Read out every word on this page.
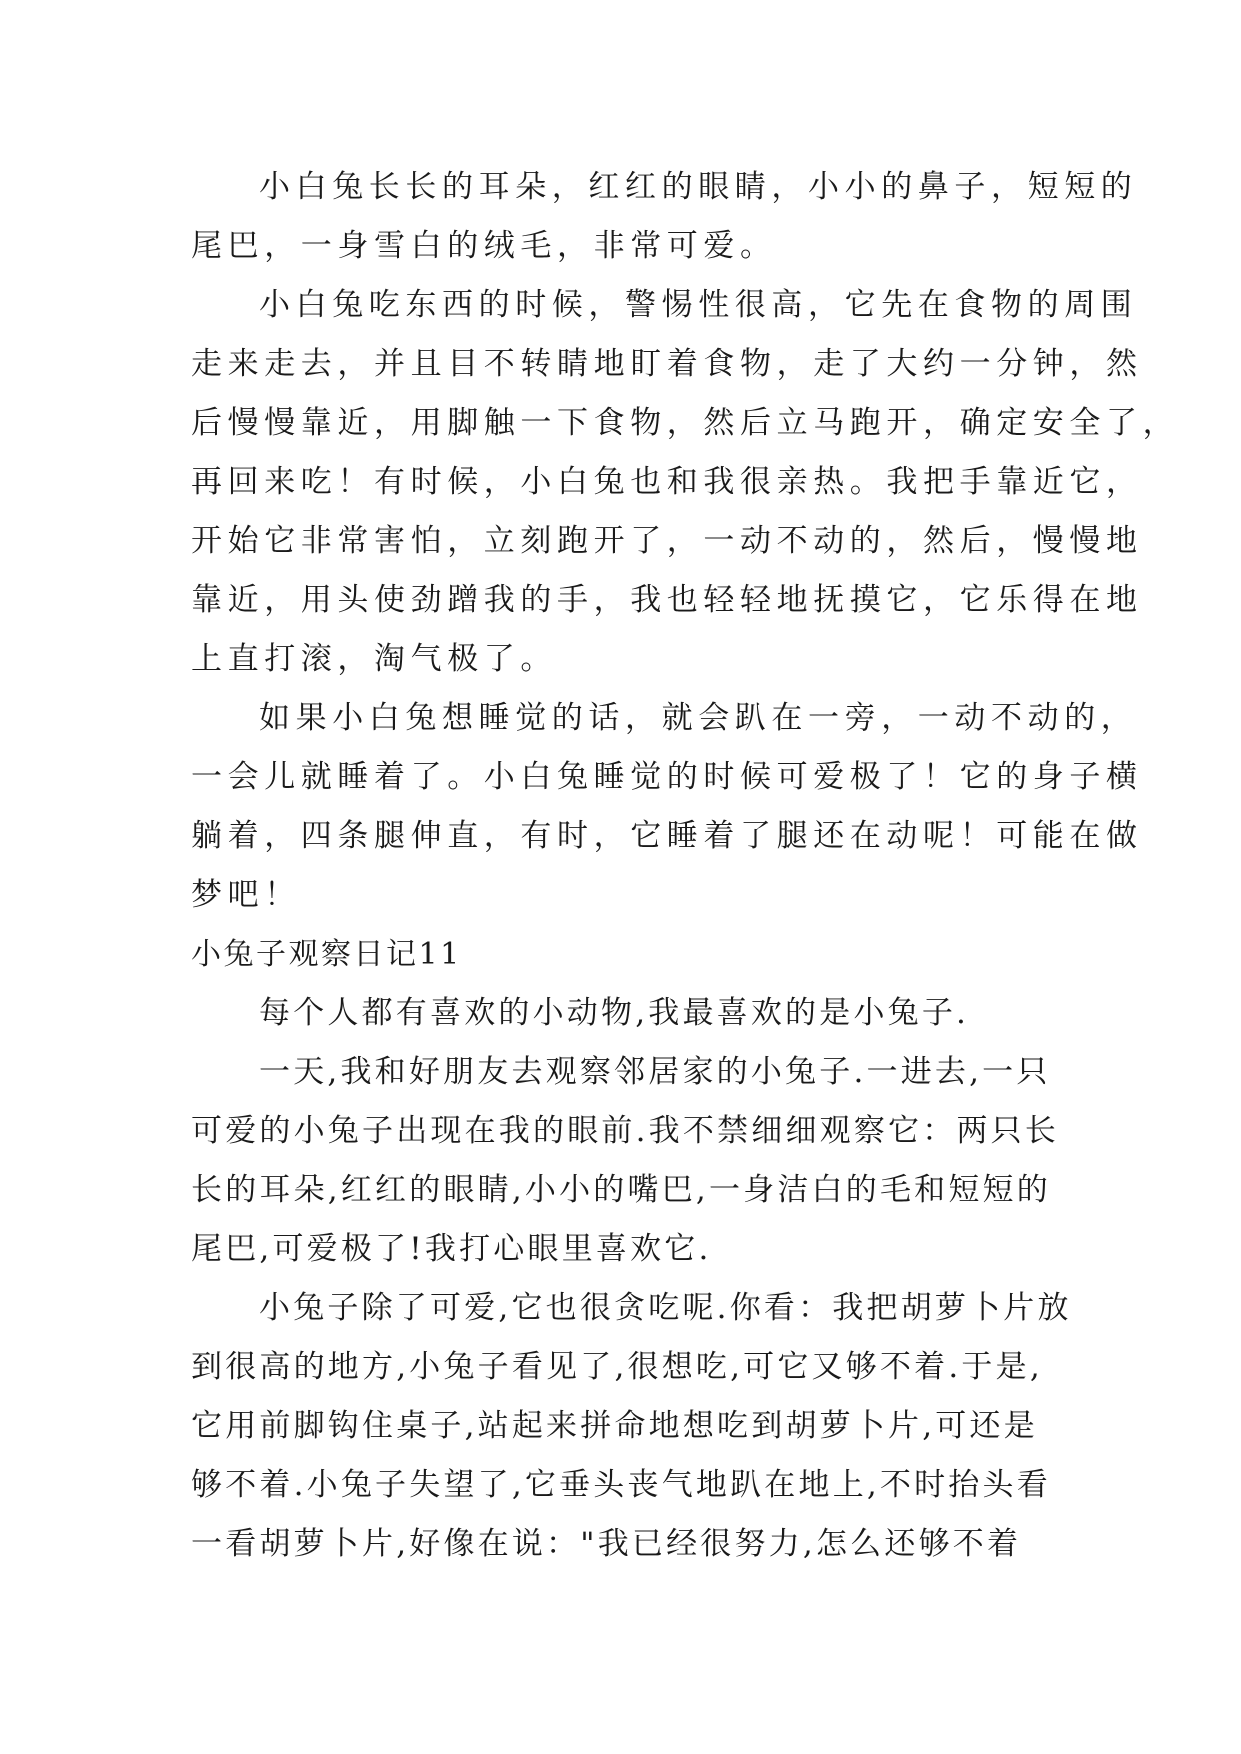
小白兔长长的耳朵，红红的眼睛，小小的鼻子，短短的
尾巴，一身雪白的绒毛，非常可爱。
小白兔吃东西的时候，警惕性很高，它先在食物的周围
走来走去，并且目不转睛地盯着食物，走了大约一分钟，然
后慢慢靠近，用脚触一下食物，然后立马跑开，确定安全了，
再回来吃！有时候，小白兔也和我很亲热。我把手靠近它，
开始它非常害怕，立刻跑开了，一动不动的，然后，慢慢地
靠近，用头使劲蹭我的手，我也轻轻地抚摸它，它乐得在地
上直打滚，淘气极了。
如果小白兔想睡觉的话，就会趴在一旁，一动不动的，
一会儿就睡着了。小白兔睡觉的时候可爱极了！它的身子横
躺着，四条腿伸直，有时，它睡着了腿还在动呢！可能在做
梦吧！
小兔子观察日记11
每个人都有喜欢的小动物,我最喜欢的是小兔子.
一天,我和好朋友去观察邻居家的小兔子.一进去,一只
可爱的小兔子出现在我的眼前.我不禁细细观察它：两只长
长的耳朵,红红的眼睛,小小的嘴巴,一身洁白的毛和短短的
尾巴,可爱极了!我打心眼里喜欢它.
小兔子除了可爱,它也很贪吃呢.你看：我把胡萝卜片放
到很高的地方,小兔子看见了,很想吃,可它又够不着.于是,
它用前脚钩住桌子,站起来拼命地想吃到胡萝卜片,可还是
够不着.小兔子失望了,它垂头丧气地趴在地上,不时抬头看
一看胡萝卜片,好像在说："我已经很努力,怎么还够不着
